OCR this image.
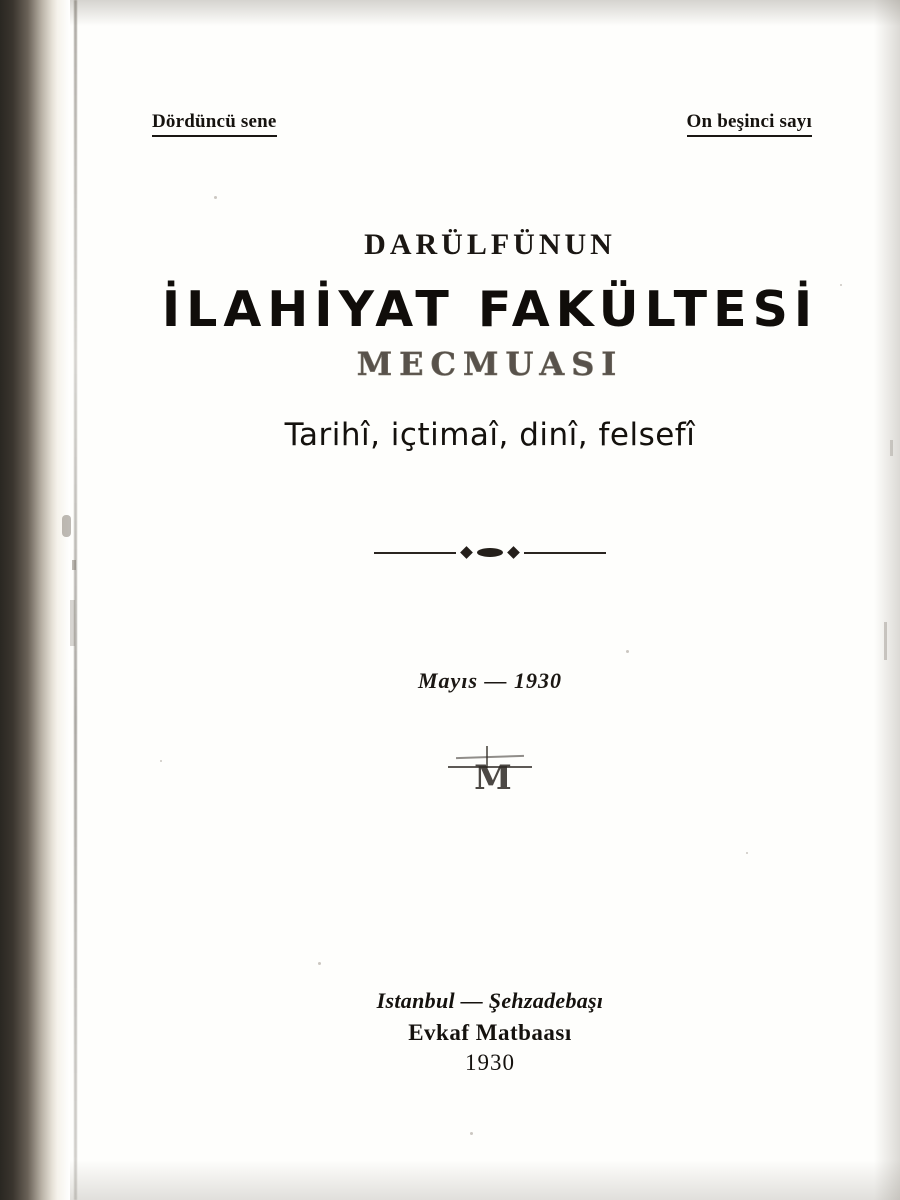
Dördüncü sene	On beşinci sayı
DARÜLFÜNUN
İLAHİYAT FAKÜLTESİ
MECMUASI
Tarihî, içtimaî, dinî, felsefî
Mayıs — 1930
M
Istanbul — Şehzadebaşı
Evkaf Matbaası
1930
